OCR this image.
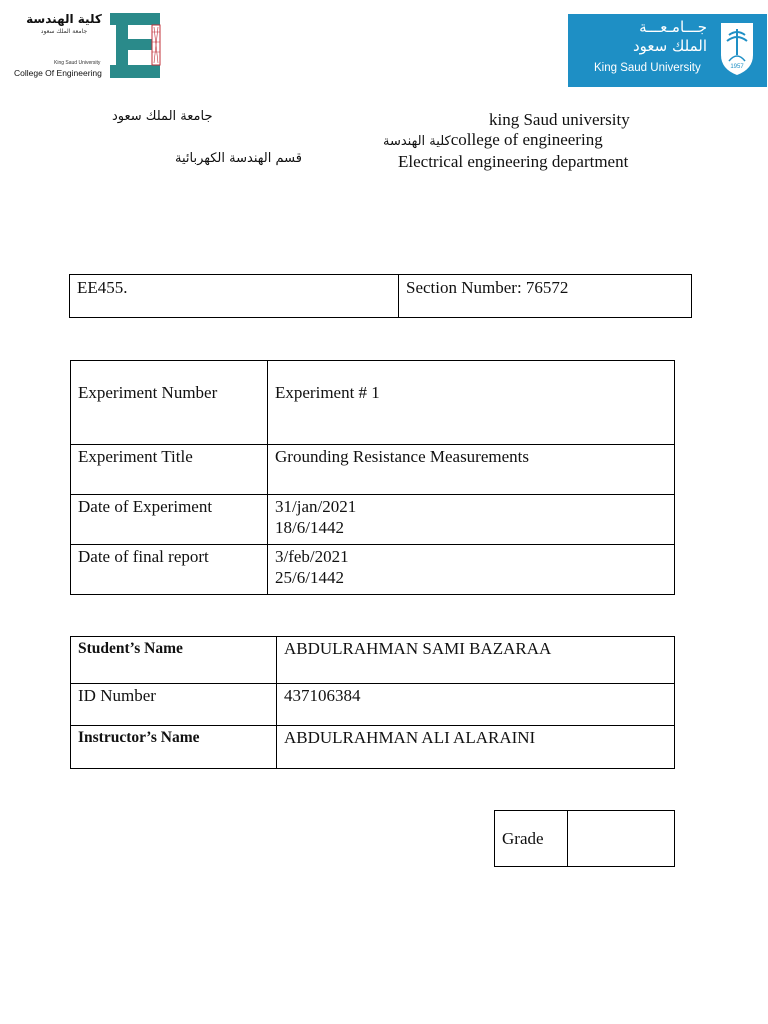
كلية الهندسة
جامعة الملك سعود
King Saud University
College Of Engineering
جـــامـعـــة
الملك سعود
King Saud University	1957
جامعة الملك سعود
قسم الهندسة الكهربائية
king Saud university
كلية الهندسةcollege of engineering
Electrical engineering department
EE455.	Section Number: 76572
Experiment Number	Experiment # 1
Experiment Title	Grounding Resistance Measurements
Date of Experiment	31/jan/2021
18/6/1442

Date of final report	3/feb/2021
25/6/1442
Student’s Name	ABDULRAHMAN SAMI BAZARAA
ID Number	437106384
Instructor’s Name	ABDULRAHMAN ALI ALARAINI
Grade	
